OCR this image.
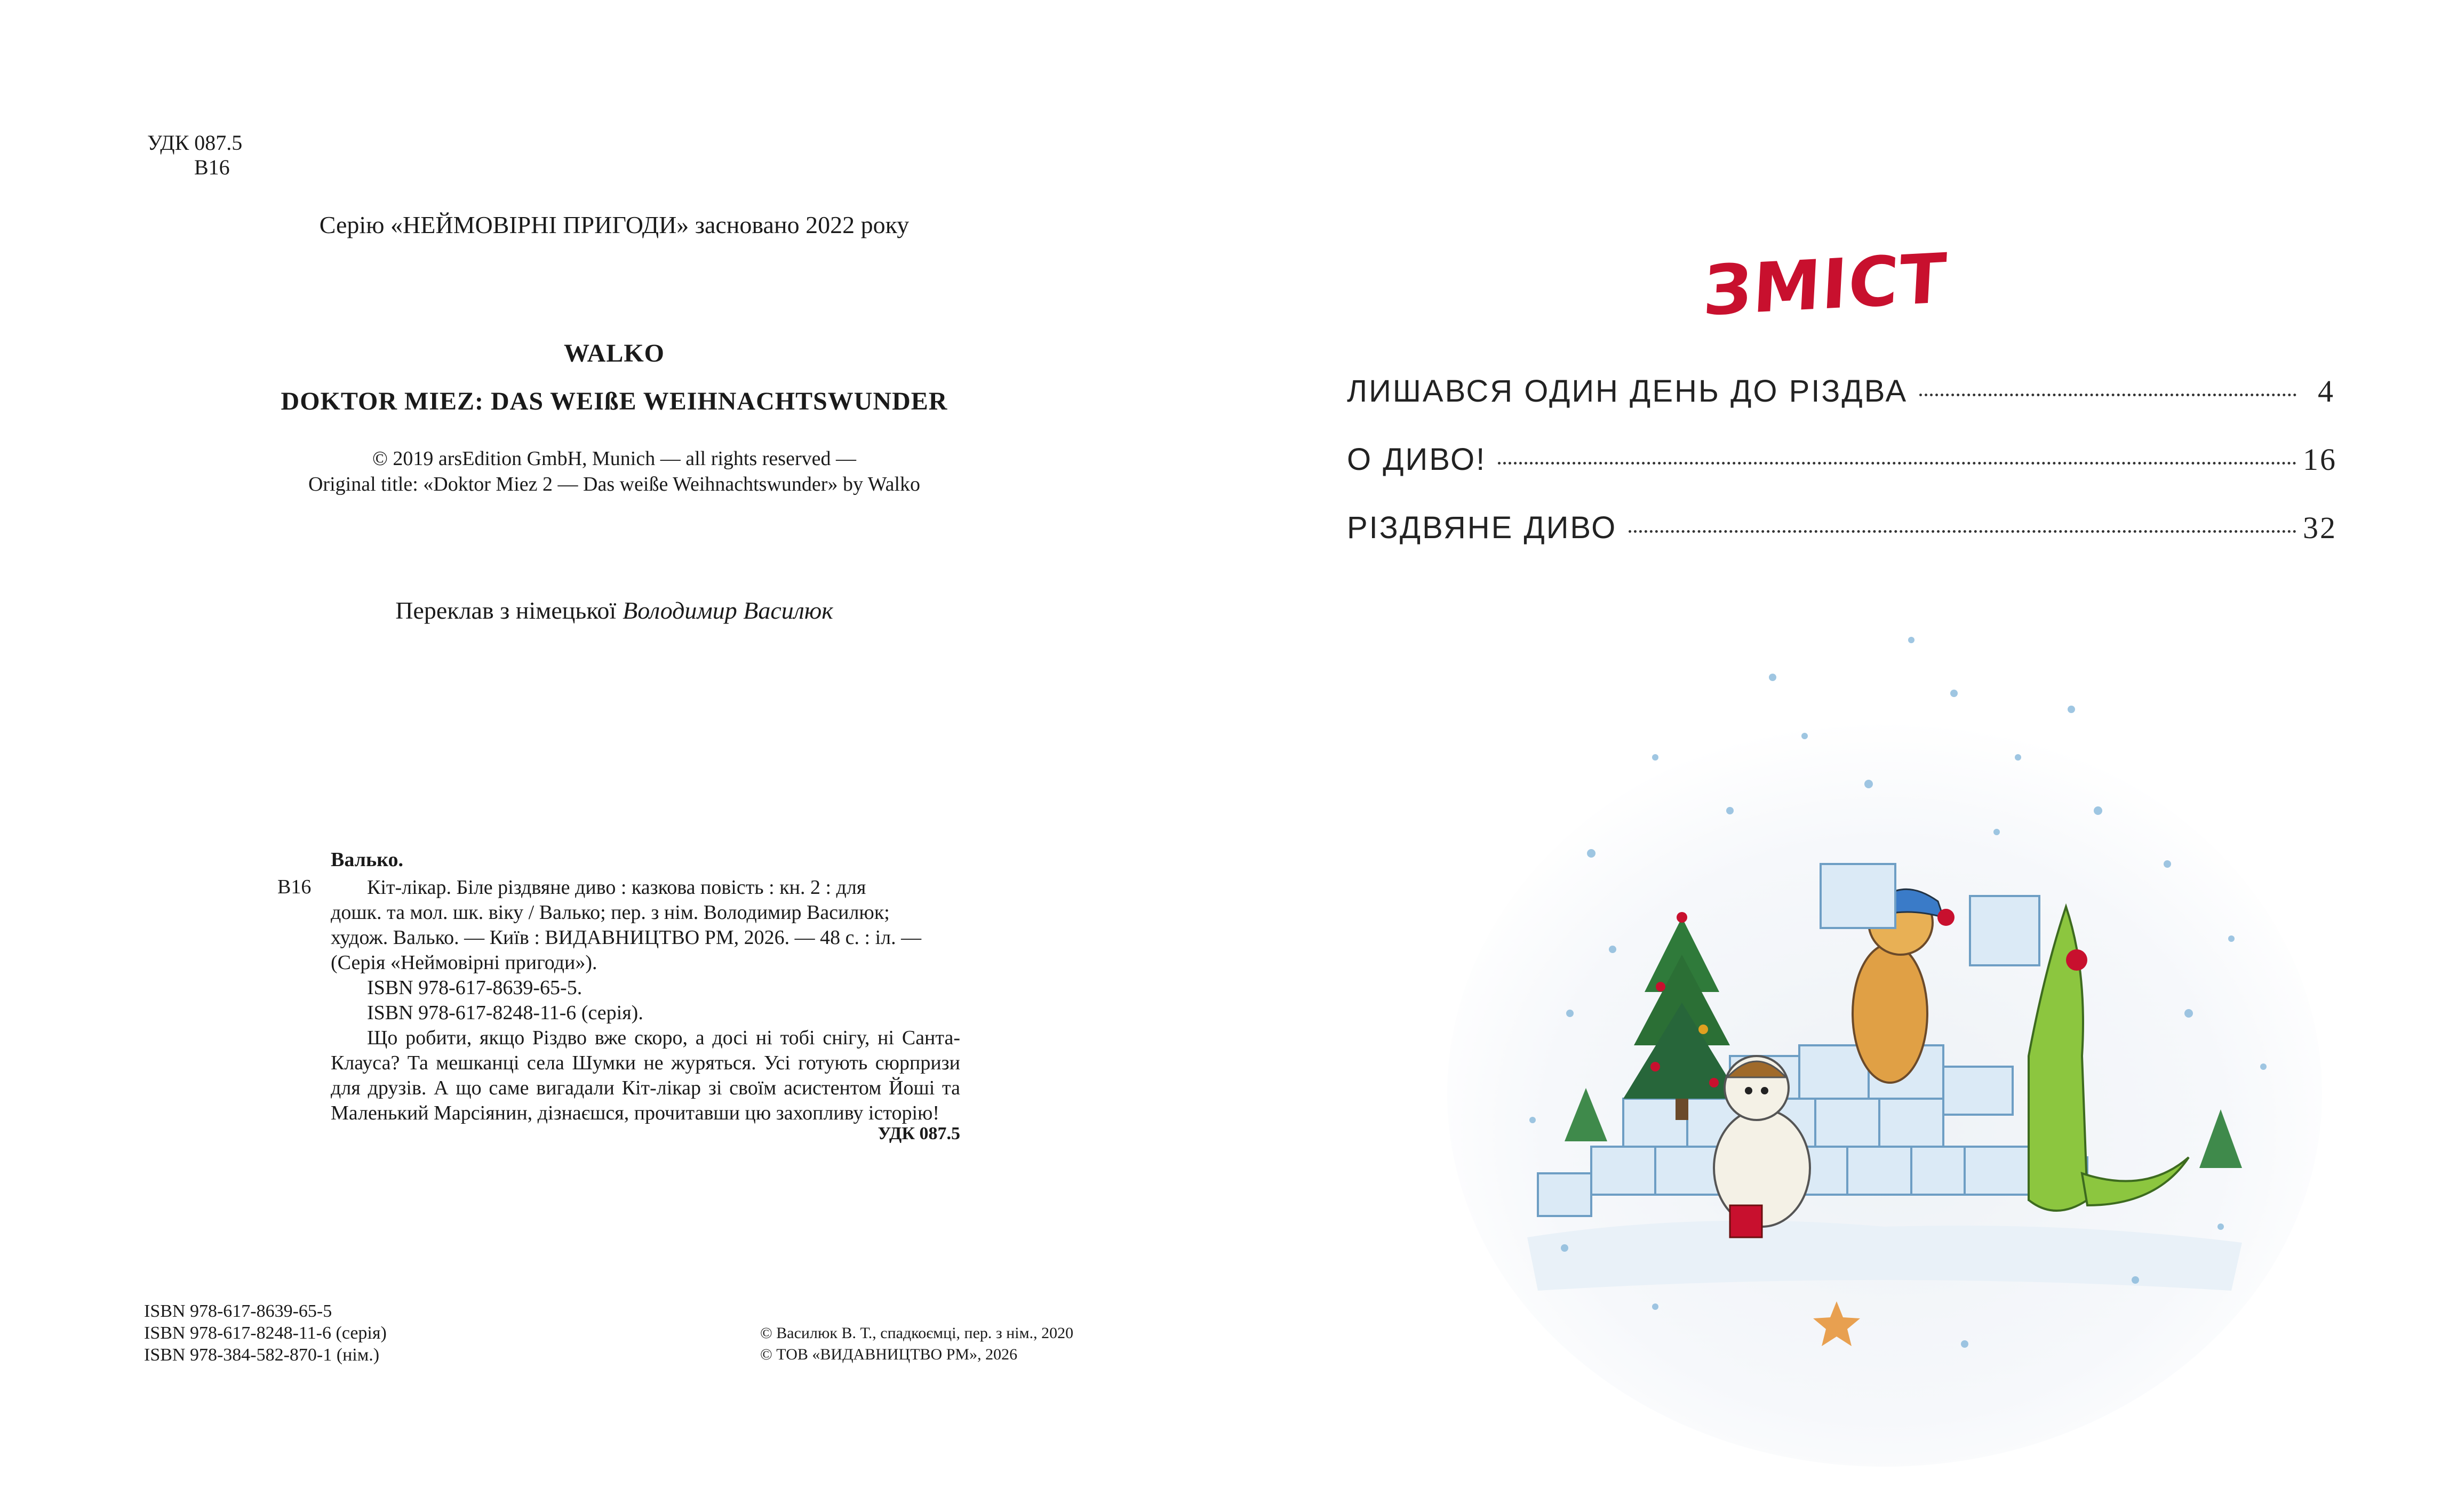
УДК 087.5
В16
Серію «НЕЙМОВІРНІ ПРИГОДИ» засновано 2022 року
WALKO
DOKTOR MIEZ: DAS WEIßE WEIHNACHTSWUNDER
© 2019 arsEdition GmbH, Munich — all rights reserved —
Original title: «Doktor Miez 2 — Das weiße Weihnachtswunder» by Walko
Переклав з німецької Володимир Василюк
Валько.
В16	Кіт-лікар. Біле різдвяне диво : казкова повість : кн. 2 : для
дошк. та мол. шк. віку / Валько; пер. з нім. Володимир Василюк;
худож. Валько. — Київ : ВИДАВНИЦТВО РМ, 2026. — 48 с. : іл. —
(Серія «Неймовірні пригоди»).
ISBN 978-617-8639-65-5.
ISBN 978-617-8248-11-6 (серія).
Що робити, якщо Різдво вже скоро, а досі ні тобі снігу, ні Санта-Клауса? Та мешканці села Шумки не журяться. Усі готують сюрпризи для друзів. А що саме вигадали Кіт-лікар зі своїм асистентом Йоші та Маленький Марсіянин, дізнаєшся, прочитавши цю захопливу історію!
УДК 087.5
ISBN 978-617-8639-65-5
ISBN 978-617-8248-11-6 (серія)
ISBN 978-384-582-870-1 (нім.)
© Василюк В. Т., спадкоємці, пер. з нім., 2020
© ТОВ «ВИДАВНИЦТВО РМ», 2026
ЗМІСТ
ЛИШАВСЯ ОДИН ДЕНЬ ДО РІЗДВА	4
О ДИВО!	16
РІЗДВЯНЕ ДИВО	32
